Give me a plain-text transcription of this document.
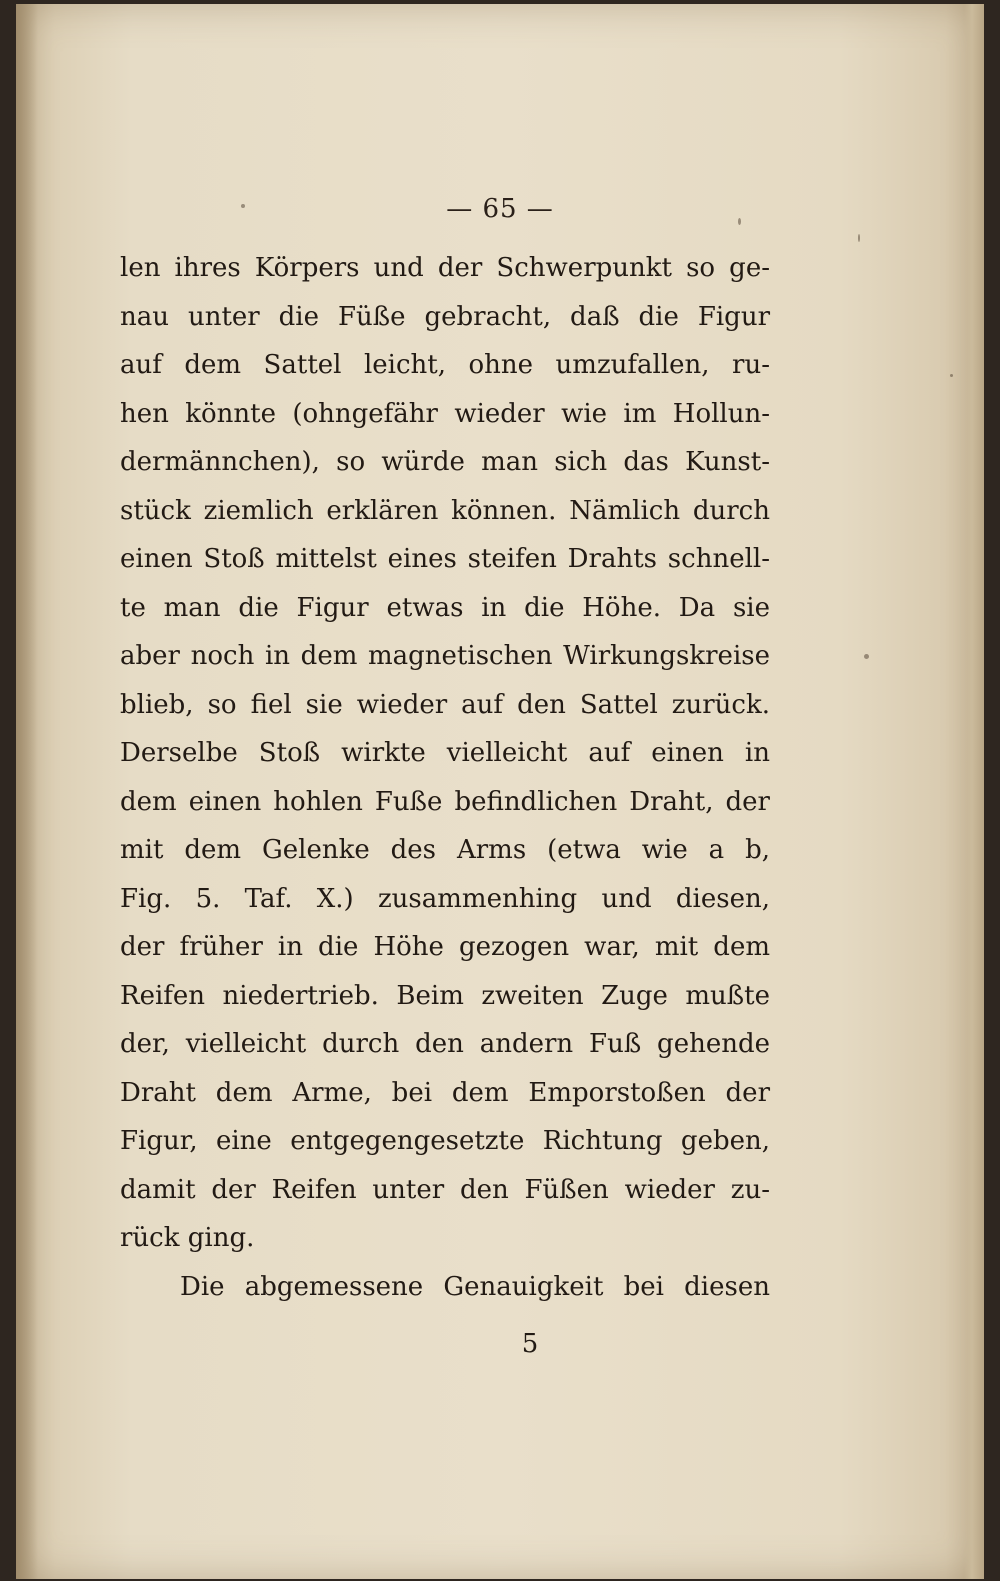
— 65 —
len ihres Körpers und der Schwerpunkt so ge-
nau unter die Füße gebracht, daß die Figur
auf dem Sattel leicht, ohne umzufallen, ru-
hen könnte (ohngefähr wieder wie im Hollun-
dermännchen), so würde man sich das Kunst-
stück ziemlich erklären können. Nämlich durch
einen Stoß mittelst eines steifen Drahts schnell-
te man die Figur etwas in die Höhe. Da sie
aber noch in dem magnetischen Wirkungskreise
blieb, so fiel sie wieder auf den Sattel zurück.
Derselbe Stoß wirkte vielleicht auf einen in
dem einen hohlen Fuße befindlichen Draht, der
mit dem Gelenke des Arms (etwa wie a b,
Fig. 5. Taf. X.) zusammenhing und diesen,
der früher in die Höhe gezogen war, mit dem
Reifen niedertrieb. Beim zweiten Zuge mußte
der, vielleicht durch den andern Fuß gehende
Draht dem Arme, bei dem Emporstoßen der
Figur, eine entgegengesetzte Richtung geben,
damit der Reifen unter den Füßen wieder zu-
rück ging.
Die abgemessene Genauigkeit bei diesen
5
